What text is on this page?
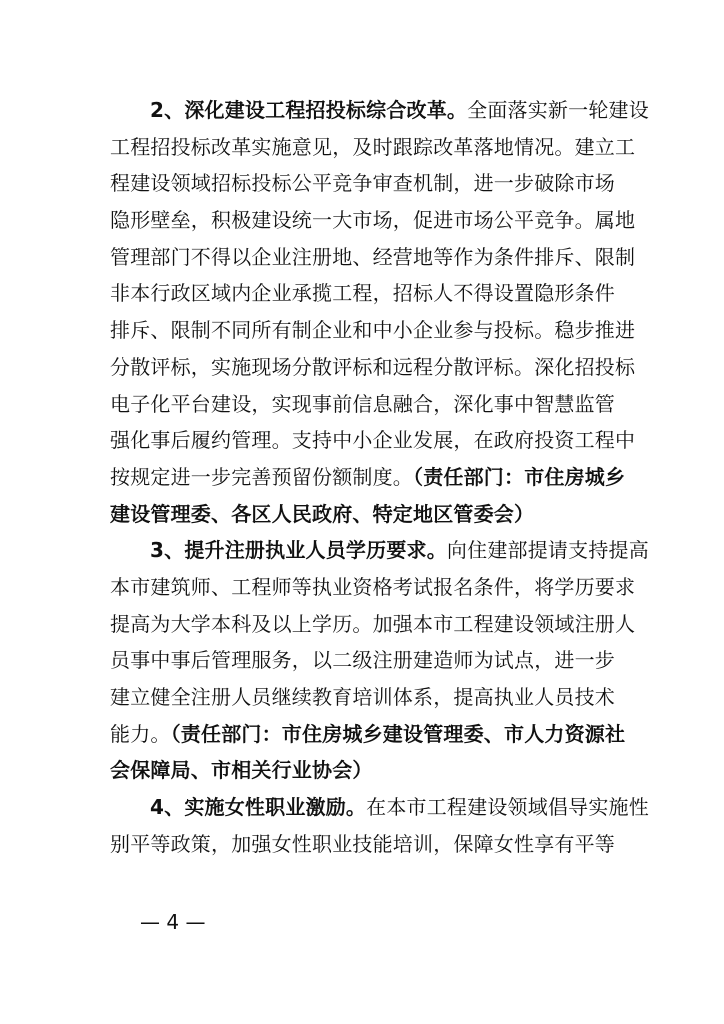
2、深化建设工程招投标综合改革。全面落实新一轮建设
工程招投标改革实施意见，及时跟踪改革落地情况。建立工
程建设领域招标投标公平竞争审查机制，进一步破除市场
隐形壁垒，积极建设统一大市场，促进市场公平竞争。属地
管理部门不得以企业注册地、经营地等作为条件排斥、限制
非本行政区域内企业承揽工程，招标人不得设置隐形条件
排斥、限制不同所有制企业和中小企业参与投标。稳步推进
分散评标，实施现场分散评标和远程分散评标。深化招投标
电子化平台建设，实现事前信息融合，深化事中智慧监管
强化事后履约管理。支持中小企业发展，在政府投资工程中
按规定进一步完善预留份额制度。（责任部门：市住房城乡
建设管理委、各区人民政府、特定地区管委会）
3、提升注册执业人员学历要求。向住建部提请支持提高
本市建筑师、工程师等执业资格考试报名条件，将学历要求
提高为大学本科及以上学历。加强本市工程建设领域注册人
员事中事后管理服务，以二级注册建造师为试点，进一步
建立健全注册人员继续教育培训体系，提高执业人员技术
能力。（责任部门：市住房城乡建设管理委、市人力资源社
会保障局、市相关行业协会）
4、实施女性职业激励。在本市工程建设领域倡导实施性
别平等政策，加强女性职业技能培训，保障女性享有平等
— 4 —
